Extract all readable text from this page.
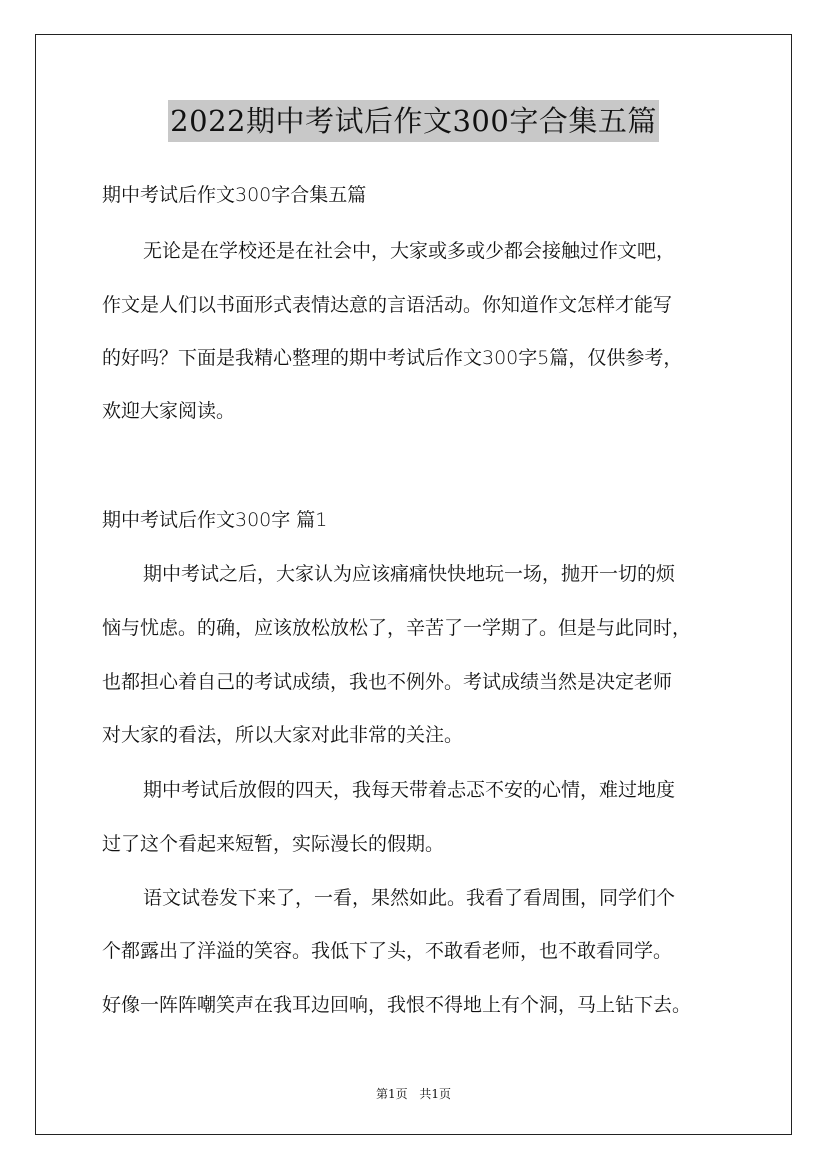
2022期中考试后作文300字合集五篇
期中考试后作文300字合集五篇
无论是在学校还是在社会中，大家或多或少都会接触过作文吧，
作文是人们以书面形式表情达意的言语活动。你知道作文怎样才能写
的好吗？下面是我精心整理的期中考试后作文300字5篇，仅供参考，
欢迎大家阅读。
期中考试后作文300字 篇1
期中考试之后，大家认为应该痛痛快快地玩一场，抛开一切的烦
恼与忧虑。的确，应该放松放松了，辛苦了一学期了。但是与此同时，
也都担心着自己的考试成绩，我也不例外。考试成绩当然是决定老师
对大家的看法，所以大家对此非常的关注。
期中考试后放假的四天，我每天带着忐忑不安的心情，难过地度
过了这个看起来短暂，实际漫长的假期。
语文试卷发下来了，一看，果然如此。我看了看周围，同学们个
个都露出了洋溢的笑容。我低下了头，不敢看老师，也不敢看同学。
好像一阵阵嘲笑声在我耳边回响，我恨不得地上有个洞，马上钻下去。
第1页 共1页
